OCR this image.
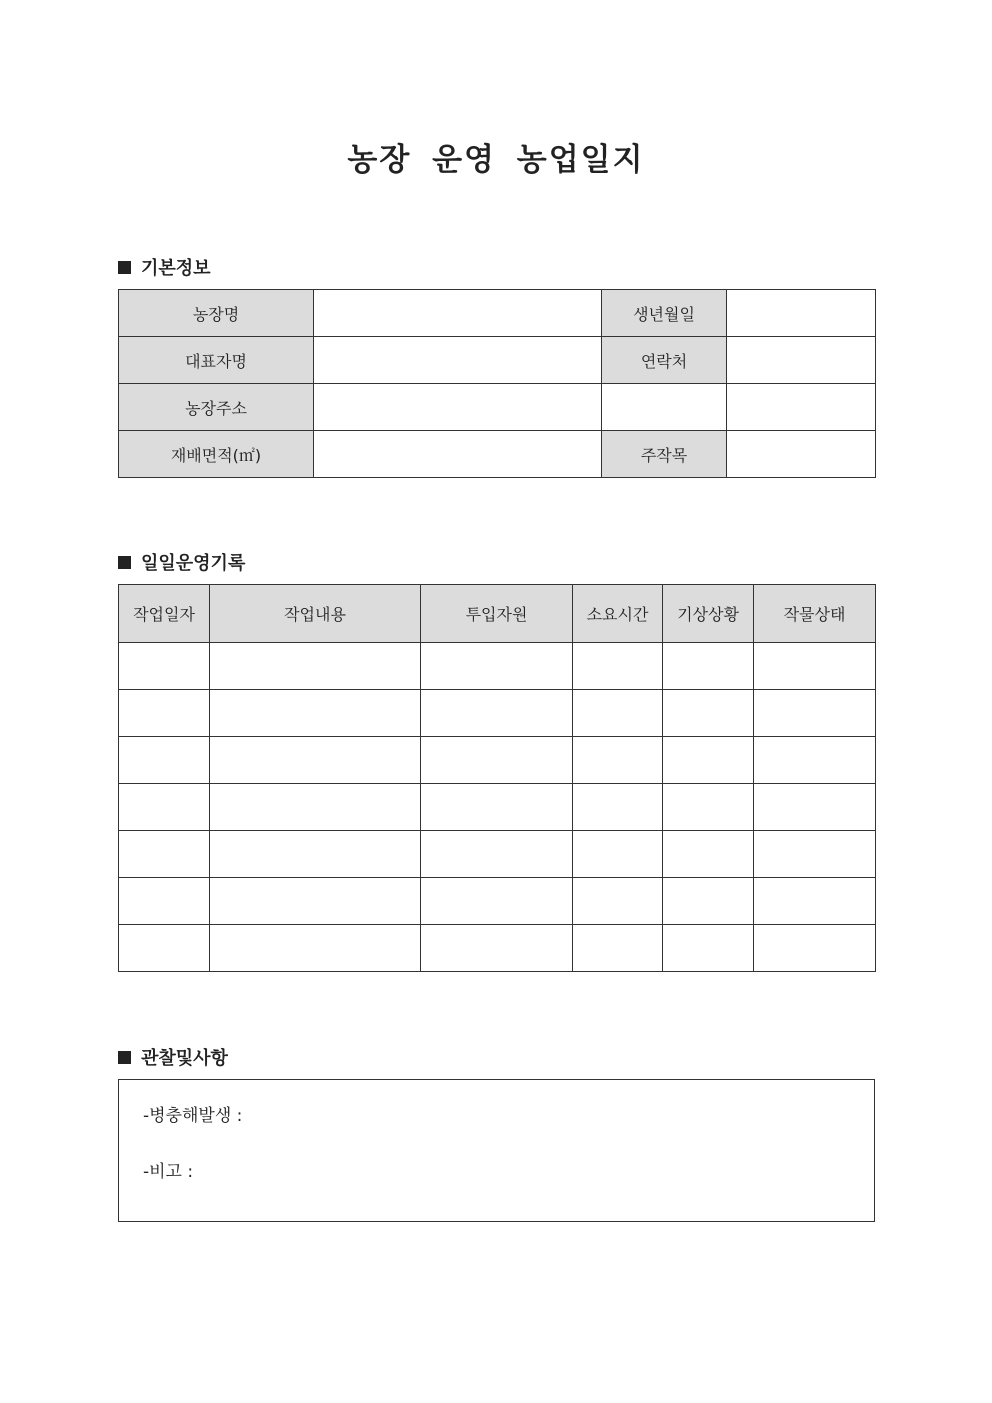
농장 운영 농업일지
기본정보
농장명		생년월일	
대표자명		연락처	
농장주소			
재배면적(㎡)		주작목	
일일운영기록
작업일자	작업내용	투입자원	소요시간	기상상황	작물상태

관찰및사항
-병충해발생 :
-비고 :
